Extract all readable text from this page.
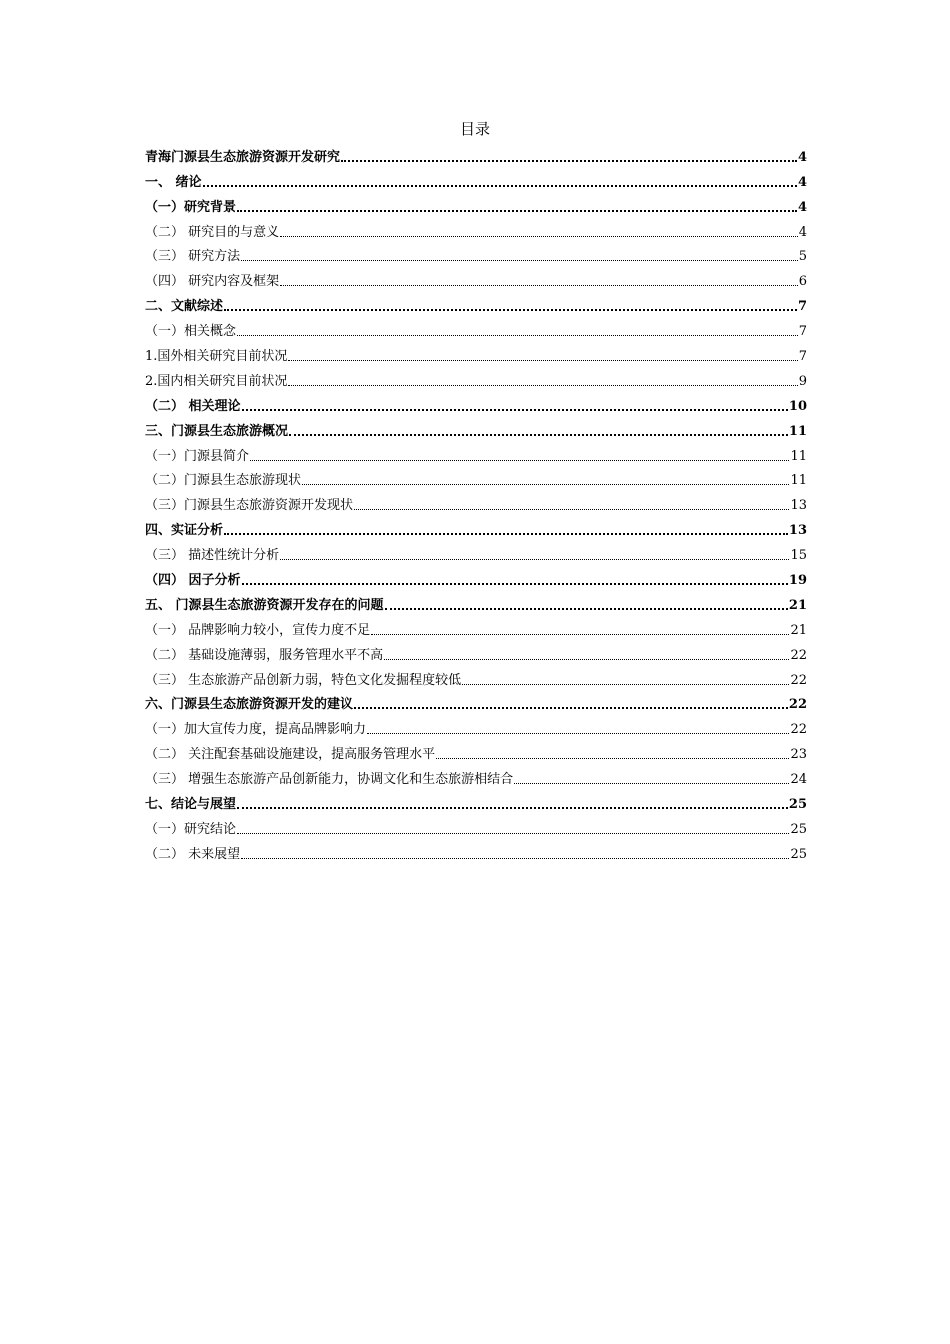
目录
青海门源县生态旅游资源开发研究	4
一、 绪论	4
（一）研究背景	4
（二） 研究目的与意义	4
（三） 研究方法	5
（四） 研究内容及框架	6
二、文献综述	7
（一）相关概念	7
1.国外相关研究目前状况	7
2.国内相关研究目前状况	9
（二） 相关理论	10
三、门源县生态旅游概况	11
（一）门源县简介	11
（二）门源县生态旅游现状	11
（三）门源县生态旅游资源开发现状	13
四、实证分析	13
（三） 描述性统计分析	15
（四） 因子分析	19
五、 门源县生态旅游资源开发存在的问题	21
（一） 品牌影响力较小，宣传力度不足	21
（二） 基础设施薄弱，服务管理水平不高	22
（三） 生态旅游产品创新力弱，特色文化发掘程度较低	22
六、门源县生态旅游资源开发的建议	22
（一）加大宣传力度，提高品牌影响力	22
（二） 关注配套基础设施建设，提高服务管理水平	23
（三） 增强生态旅游产品创新能力，协调文化和生态旅游相结合	24
七、结论与展望	25
（一）研究结论	25
（二） 未来展望	25
